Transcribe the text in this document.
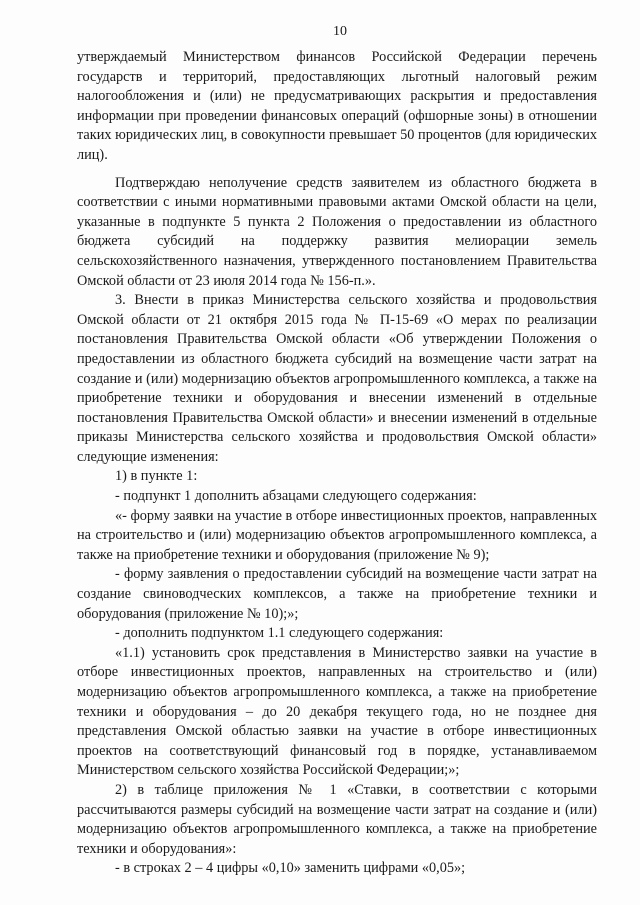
10

утверждаемый Министерством финансов Российской Федерации перечень государств и территорий, предоставляющих льготный налоговый режим налогообложения и (или) не предусматривающих раскрытия и предоставления информации при проведении финансовых операций (офшорные зоны) в отношении таких юридических лиц, в совокупности превышает 50 процентов (для юридических лиц).

Подтверждаю неполучение средств заявителем из областного бюджета в соответствии с иными нормативными правовыми актами Омской области на цели, указанные в подпункте 5 пункта 2 Положения о предоставлении из областного бюджета субсидий на поддержку развития мелиорации земель сельскохозяйственного назначения, утвержденного постановлением Правительства Омской области от 23 июля 2014 года № 156-п.».

3. Внести в приказ Министерства сельского хозяйства и продовольствия Омской области от 21 октября 2015 года № П-15-69 «О мерах по реализации постановления Правительства Омской области «Об утверждении Положения о предоставлении из областного бюджета субсидий на возмещение части затрат на создание и (или) модернизацию объектов агропромышленного комплекса, а также на приобретение техники и оборудования и внесении изменений в отдельные постановления Правительства Омской области» и внесении изменений в отдельные приказы Министерства сельского хозяйства и продовольствия Омской области» следующие изменения:

1) в пункте 1:

- подпункт 1 дополнить абзацами следующего содержания:

«- форму заявки на участие в отборе инвестиционных проектов, направленных на строительство и (или) модернизацию объектов агропромышленного комплекса, а также на приобретение техники и оборудования (приложение № 9);

- форму заявления о предоставлении субсидий на возмещение части затрат на создание свиноводческих комплексов, а также на приобретение техники и оборудования (приложение № 10);»;

- дополнить подпунктом 1.1 следующего содержания:

«1.1) установить срок представления в Министерство заявки на участие в отборе инвестиционных проектов, направленных на строительство и (или) модернизацию объектов агропромышленного комплекса, а также на приобретение техники и оборудования – до 20 декабря текущего года, но не позднее дня представления Омской областью заявки на участие в отборе инвестиционных проектов на соответствующий финансовый год в порядке, устанавливаемом Министерством сельского хозяйства Российской Федерации;»;

2) в таблице приложения № 1 «Ставки, в соответствии с которыми рассчитываются размеры субсидий на возмещение части затрат на создание и (или) модернизацию объектов агропромышленного комплекса, а также на приобретение техники и оборудования»:

- в строках 2 – 4 цифры «0,10» заменить цифрами «0,05»;
